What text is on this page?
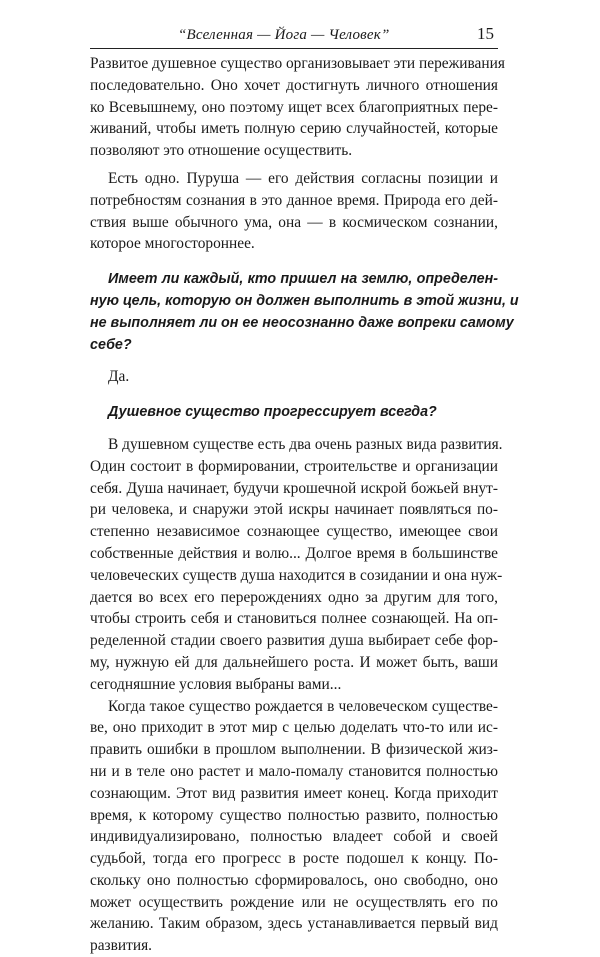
“Вселенная — Йога — Человек”	15

Развитое душевное существо организовывает эти переживания
последовательно. Оно хочет достигнуть личного отношения
ко Всевышнему, оно поэтому ищет всех благоприятных пере-
живаний, чтобы иметь полную серию случайностей, которые
позволяют это отношение осуществить.

Есть одно. Пуруша — его действия согласны позиции и
потребностям сознания в это данное время. Природа его дей-
ствия выше обычного ума, она — в космическом сознании,
которое многостороннее.

Имеет ли каждый, кто пришел на землю, определен-
ную цель, которую он должен выполнить в этой жизни, и
не выполняет ли он ее неосознанно даже вопреки самому
себе?

Да.

Душевное существо прогрессирует всегда?

В душевном существе есть два очень разных вида развития.
Один состоит в формировании, строительстве и организации
себя. Душа начинает, будучи крошечной искрой божьей внут-
ри человека, и снаружи этой искры начинает появляться по-
степенно независимое сознающее существо, имеющее свои
собственные действия и волю... Долгое время в большинстве
человеческих существ душа находится в созидании и она нуж-
дается во всех его перерождениях одно за другим для того,
чтобы строить себя и становиться полнее сознающей. На оп-
ределенной стадии своего развития душа выбирает себе фор-
му, нужную ей для дальнейшего роста. И может быть, ваши
сегодняшние условия выбраны вами...

Когда такое существо рождается в человеческом существе-
ве, оно приходит в этот мир с целью доделать что-то или ис-
править ошибки в прошлом выполнении. В физической жиз-
ни и в теле оно растет и мало-помалу становится полностью
сознающим. Этот вид развития имеет конец. Когда приходит
время, к которому существо полностью развито, полностью
индивидуализировано, полностью владеет собой и своей
судьбой, тогда его прогресс в росте подошел к концу. По-
скольку оно полностью сформировалось, оно свободно, оно
может осуществить рождение или не осуществлять его по
желанию. Таким образом, здесь устанавливается первый вид
развития.
